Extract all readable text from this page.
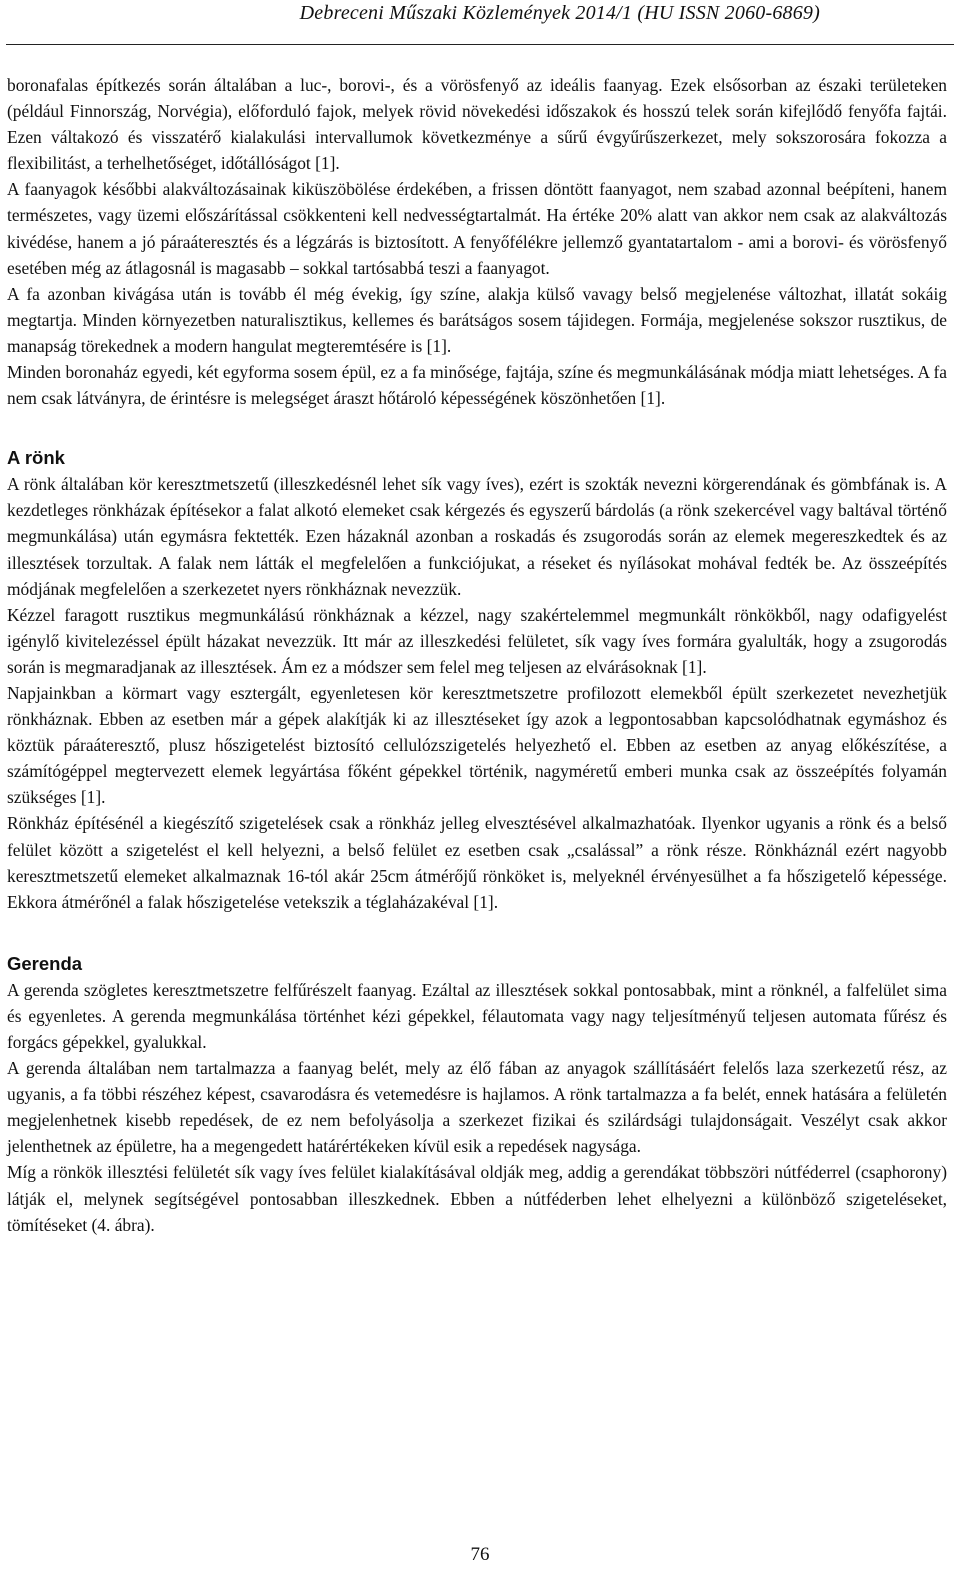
Debreceni Műszaki Közlemények 2014/1 (HU ISSN 2060-6869)

boronafalas építkezés során általában a luc-, borovi-, és a vörösfenyő az ideális faanyag. Ezek elsősorban az északi területeken (például Finnország, Norvégia), előforduló fajok, melyek rövid növekedési időszakok és hosszú telek során kifejlődő fenyőfa fajtái. Ezen váltakozó és visszatérő kialakulási intervallumok következménye a sűrű évgyűrűszerkezet, mely sokszorosára fokozza a flexibilitást, a terhelhetőséget, időtállóságot [1].

A faanyagok későbbi alakváltozásainak kiküszöbölése érdekében, a frissen döntött faanyagot, nem szabad azonnal beépíteni, hanem természetes, vagy üzemi előszárítással csökkenteni kell nedvességtartalmát. Ha értéke 20% alatt van akkor nem csak az alakváltozás kivédése, hanem a jó páraáteresztés és a légzárás is biztosított. A fenyőfélékre jellemző gyantatartalom - ami a borovi- és vörösfenyő esetében még az átlagosnál is magasabb – sokkal tartósabbá teszi a faanyagot.

A fa azonban kivágása után is tovább él még évekig, így színe, alakja külső vavagy belső megjelenése változhat, illatát sokáig megtartja. Minden környezetben naturalisztikus, kellemes és barátságos sosem tájidegen. Formája, megjelenése sokszor rusztikus, de manapság törekednek a modern hangulat megteremtésére is [1].

Minden boronaház egyedi, két egyforma sosem épül, ez a fa minősége, fajtája, színe és megmunkálásának módja miatt lehetséges. A fa nem csak látványra, de érintésre is melegséget áraszt hőtároló képességének köszönhetően [1].

A rönk

A rönk általában kör keresztmetszetű (illeszkedésnél lehet sík vagy íves), ezért is szokták nevezni körgerendának és gömbfának is. A kezdetleges rönkházak építésekor a falat alkotó elemeket csak kérgezés és egyszerű bárdolás (a rönk szekercével vagy baltával történő megmunkálása) után egymásra fektették. Ezen házaknál azonban a roskadás és zsugorodás során az elemek megereszkedtek és az illesztések torzultak. A falak nem látták el megfelelően a funkciójukat, a réseket és nyílásokat mohával fedték be. Az összeépítés módjának megfelelően a szerkezetet nyers rönkháznak nevezzük.

Kézzel faragott rusztikus megmunkálású rönkháznak a kézzel, nagy szakértelemmel megmunkált rönkökből, nagy odafigyelést igénylő kivitelezéssel épült házakat nevezzük. Itt már az illeszkedési felületet, sík vagy íves formára gyalulták, hogy a zsugorodás során is megmaradjanak az illesztések. Ám ez a módszer sem felel meg teljesen az elvárásoknak [1].

Napjainkban a körmart vagy esztergált, egyenletesen kör keresztmetszetre profilozott elemekből épült szerkezetet nevezhetjük rönkháznak. Ebben az esetben már a gépek alakítják ki az illesztéseket így azok a legpontosabban kapcsolódhatnak egymáshoz és köztük páraáteresztő, plusz hőszigetelést biztosító cellulózszigetelés helyezhető el. Ebben az esetben az anyag előkészítése, a számítógéppel megtervezett elemek legyártása főként gépekkel történik, nagyméretű emberi munka csak az összeépítés folyamán szükséges [1].

Rönkház építésénél a kiegészítő szigetelések csak a rönkház jelleg elvesztésével alkalmazhatóak. Ilyenkor ugyanis a rönk és a belső felület között a szigetelést el kell helyezni, a belső felület ez esetben csak „csalással” a rönk része. Rönkháznál ezért nagyobb keresztmetszetű elemeket alkalmaznak 16-tól akár 25cm átmérőjű rönköket is, melyeknél érvényesülhet a fa hőszigetelő képessége. Ekkora átmérőnél a falak hőszigetelése vetekszik a téglaházakéval [1].

Gerenda

A gerenda szögletes keresztmetszetre felfűrészelt faanyag. Ezáltal az illesztések sokkal pontosabbak, mint a rönknél, a falfelület sima és egyenletes. A gerenda megmunkálása történhet kézi gépekkel, félautomata vagy nagy teljesítményű teljesen automata fűrész és forgács gépekkel, gyalukkal.

A gerenda általában nem tartalmazza a faanyag belét, mely az élő fában az anyagok szállításáért felelős laza szerkezetű rész, az ugyanis, a fa többi részéhez képest, csavarodásra és vetemedésre is hajlamos. A rönk tartalmazza a fa belét, ennek hatására a felületén megjelenhetnek kisebb repedések, de ez nem befolyásolja a szerkezet fizikai és szilárdsági tulajdonságait. Veszélyt csak akkor jelenthetnek az épületre, ha a megengedett határértékeken kívül esik a repedések nagysága.

Míg a rönkök illesztési felületét sík vagy íves felület kialakításával oldják meg, addig a gerendákat többszöri nútféderrel (csaphorony) látják el, melynek segítségével pontosabban illeszkednek. Ebben a nútféderben lehet elhelyezni a különböző szigeteléseket, tömítéseket (4. ábra).

76
